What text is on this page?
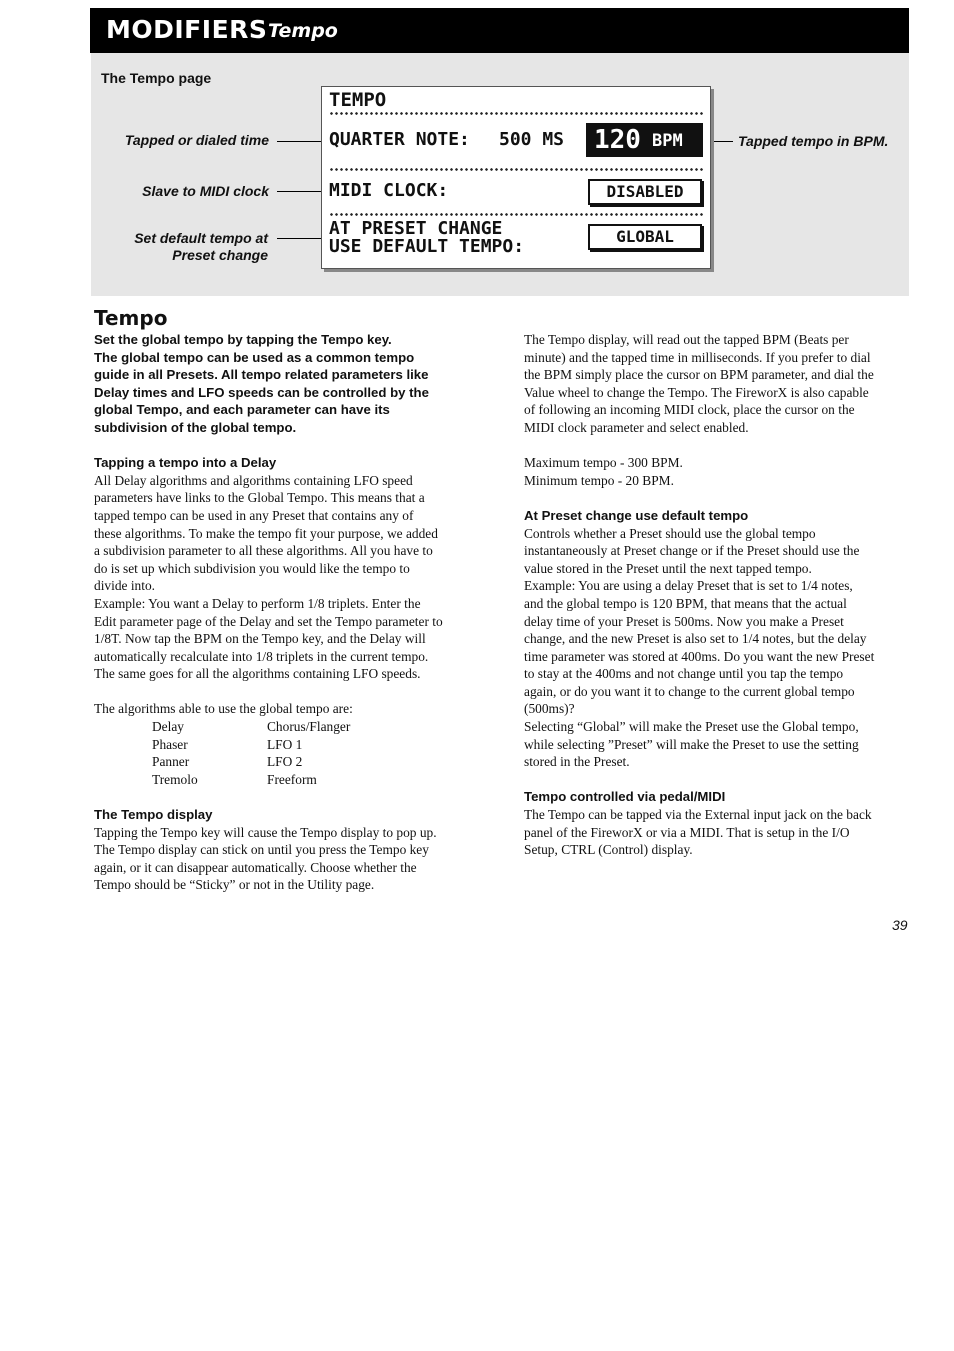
MODIFIERS Tempo
The Tempo page
Tapped or dialed time
Slave to MIDI clock
Set default tempo at
Preset change
Tapped tempo in BPM.
TEMPO
QUARTER NOTE: 500 MS 120 BPM
MIDI CLOCK:	DISABLED
AT PRESET CHANGE
USE DEFAULT TEMPO:	GLOBAL
Tempo
Set the global tempo by tapping the Tempo key.
The global tempo can be used as a common tempo
guide in all Presets. All tempo related parameters like
Delay times and LFO speeds can be controlled by the
global Tempo, and each parameter can have its
subdivision of the global tempo.
Tapping a tempo into a Delay
All Delay algorithms and algorithms containing LFO speed
parameters have links to the Global Tempo. This means that a
tapped tempo can be used in any Preset that contains any of
these algorithms. To make the tempo fit your purpose, we added
a subdivision parameter to all these algorithms. All you have to
do is set up which subdivision you would like the tempo to
divide into.
Example: You want a Delay to perform 1/8 triplets. Enter the
Edit parameter page of the Delay and set the Tempo parameter to
1/8T. Now tap the BPM on the Tempo key, and the Delay will
automatically recalculate into 1/8 triplets in the current tempo.
The same goes for all the algorithms containing LFO speeds.
The algorithms able to use the global tempo are:
Delay	Chorus/Flanger
Phaser	LFO 1
Panner	LFO 2
Tremolo	Freeform
The Tempo display
Tapping the Tempo key will cause the Tempo display to pop up.
The Tempo display can stick on until you press the Tempo key
again, or it can disappear automatically. Choose whether the
Tempo should be “Sticky” or not in the Utility page.
The Tempo display, will read out the tapped BPM (Beats per
minute) and the tapped time in milliseconds. If you prefer to dial
the BPM simply place the cursor on BPM parameter, and dial the
Value wheel to change the Tempo. The FireworX is also capable
of following an incoming MIDI clock, place the cursor on the
MIDI clock parameter and select enabled.
Maximum tempo - 300 BPM.
Minimum tempo - 20 BPM.
At Preset change use default tempo
Controls whether a Preset should use the global tempo
instantaneously at Preset change or if the Preset should use the
value stored in the Preset until the next tapped tempo.
Example: You are using a delay Preset that is set to 1/4 notes,
and the global tempo is 120 BPM, that means that the actual
delay time of your Preset is 500ms. Now you make a Preset
change, and the new Preset is also set to 1/4 notes, but the delay
time parameter was stored at 400ms. Do you want the new Preset
to stay at the 400ms and not change until you tap the tempo
again, or do you want it to change to the current global tempo
(500ms)?
Selecting “Global” will make the Preset use the Global tempo,
while selecting ”Preset” will make the Preset to use the setting
stored in the Preset.
Tempo controlled via pedal/MIDI
The Tempo can be tapped via the External input jack on the back
panel of the FireworX or via a MIDI. That is setup in the I/O
Setup, CTRL (Control) display.
39
